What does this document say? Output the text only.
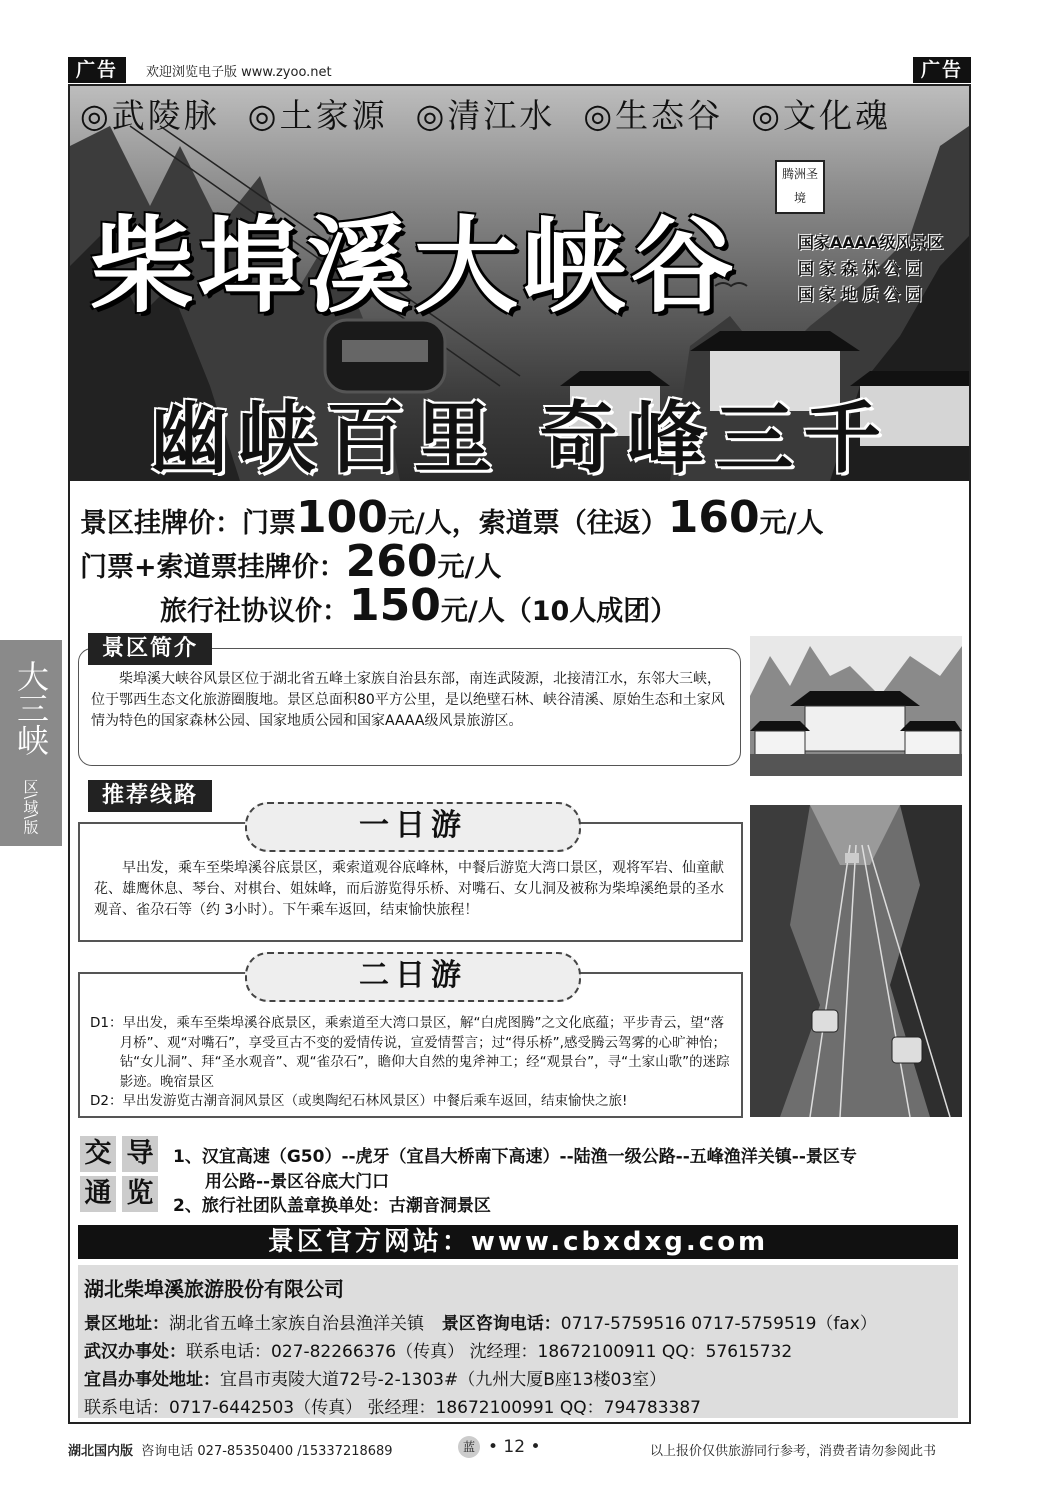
广告	欢迎浏览电子版 www.zyoo.net	广告
◎武陵脉 ◎土家源 ◎清江水 ◎生态谷 ◎文化魂
腾洲圣境
柴埠溪大峡谷	国家AAAA级风景区
国 家 森 林 公 园
国 家 地 质 公 园
幽峡百里 奇峰三千
景区挂牌价：门票100元/人，索道票（往返）160元/人
门票+索道票挂牌价：260元/人
旅行社协议价：150元/人（10人成团）
柴埠溪大峡谷风景区位于湖北省五峰土家族自治县东部，南连武陵源，北接清江水，东邻大三峡，位于鄂西生态文化旅游圈腹地。景区总面积80平方公里，是以绝壁石林、峡谷清溪、原始生态和土家风情为特色的国家森林公园、国家地质公园和国家AAAA级风景旅游区。
景区简介
推荐线路
早出发，乘车至柴埠溪谷底景区，乘索道观谷底峰林，中餐后游览大湾口景区，观将军岩、仙童献花、雄鹰休息、琴台、对棋台、姐妹峰，而后游览得乐桥、对嘴石、女儿洞及被称为柴埠溪绝景的圣水观音、雀尕石等（约 3小时）。下午乘车返回，结束愉快旅程！
一日游
D1：早出发，乘车至柴埠溪谷底景区，乘索道至大湾口景区，解“白虎图腾”之文化底蕴；平步青云，望“落月桥”、观“对嘴石”，享受亘古不变的爱情传说，宣爱情誓言；过“得乐桥”,感受腾云驾雾的心旷神怡；钻“女儿洞”、拜“圣水观音”、观“雀尕石”，瞻仰大自然的鬼斧神工；经“观景台”，寻“土家山歌”的迷踪影迹。晚宿景区
D2：早出发游览古潮音洞风景区（或奥陶纪石林风景区）中餐后乘车返回，结束愉快之旅!
二日游
交 导
通 览
1、汉宜高速（G50）--虎牙（宜昌大桥南下高速）--陆渔一级公路--五峰渔洋关镇--景区专
用公路--景区谷底大门口
2、旅行社团队盖章换单处：古潮音洞景区
景区官方网站：www.cbxdxg.com
湖北柴埠溪旅游股份有限公司
景区地址：湖北省五峰土家族自治县渔洋关镇 景区咨询电话：0717-5759516 0717-5759519（fax）
武汉办事处：联系电话：027-82266376（传真） 沈经理：18672100911 QQ：57615732
宜昌办事处地址：宜昌市夷陵大道72号-2-1303#（九州大厦B座13楼03室）
联系电话：0717-6442503（传真） 张经理：18672100991 QQ：794783387
大三峡
区\域\版
湖北国内版 咨询电话 027-85350400 /15337218689	蓝 • 12 •	以上报价仅供旅游同行参考，消费者请勿参阅此书
